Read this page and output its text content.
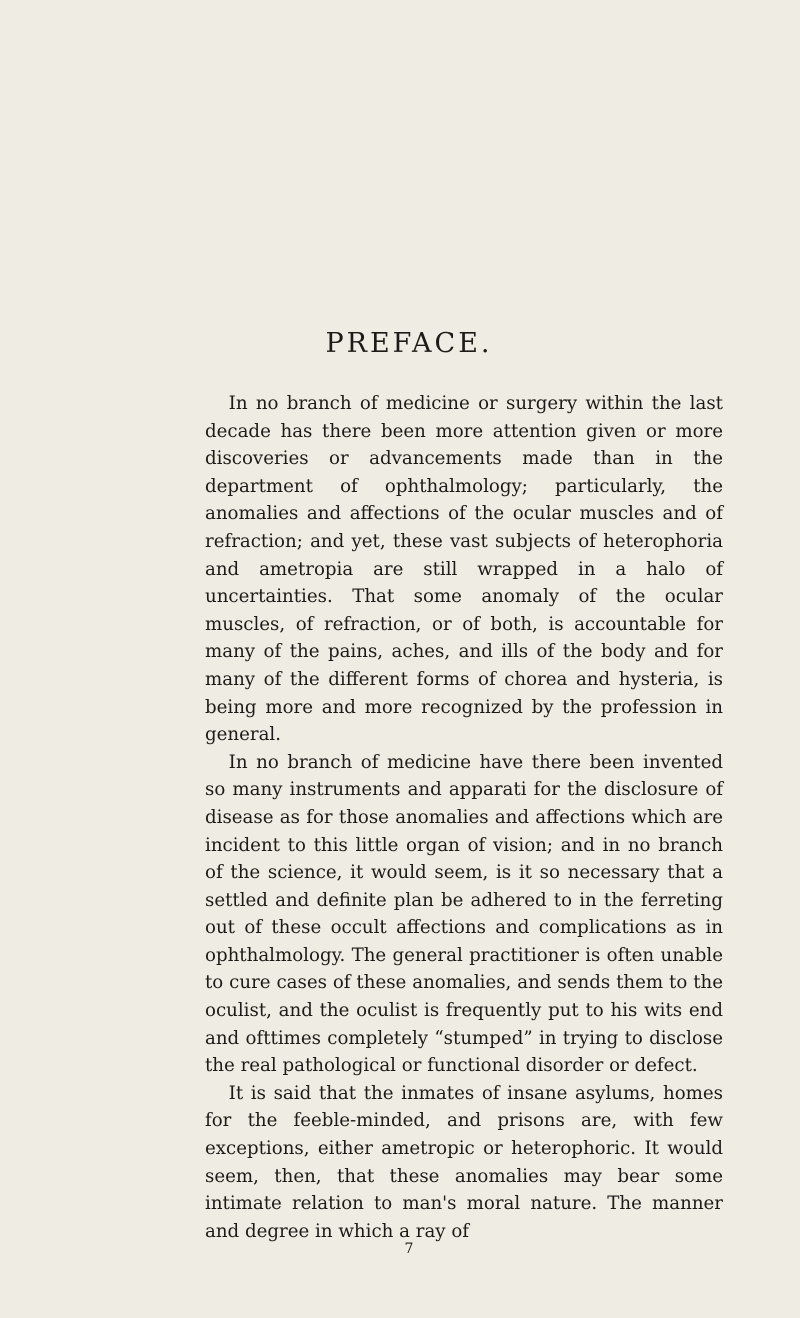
PREFACE.

In no branch of medicine or surgery within the last decade has there been more attention given or more discoveries or advancements made than in the department of ophthalmology; particularly, the anomalies and affections of the ocular muscles and of refraction; and yet, these vast subjects of heterophoria and ametropia are still wrapped in a halo of uncertainties. That some anomaly of the ocular muscles, of refraction, or of both, is accountable for many of the pains, aches, and ills of the body and for many of the different forms of chorea and hysteria, is being more and more recognized by the profession in general.

In no branch of medicine have there been invented so many instruments and apparati for the disclosure of disease as for those anomalies and affections which are incident to this little organ of vision; and in no branch of the science, it would seem, is it so necessary that a settled and definite plan be adhered to in the ferreting out of these occult affections and complications as in ophthalmology. The general practitioner is often unable to cure cases of these anomalies, and sends them to the oculist, and the oculist is frequently put to his wits end and ofttimes completely “stumped” in trying to disclose the real pathological or functional disorder or defect.

It is said that the inmates of insane asylums, homes for the feeble-minded, and prisons are, with few exceptions, either ametropic or heterophoric. It would seem, then, that these anomalies may bear some intimate relation to man's moral nature. The manner and degree in which a ray of

7
